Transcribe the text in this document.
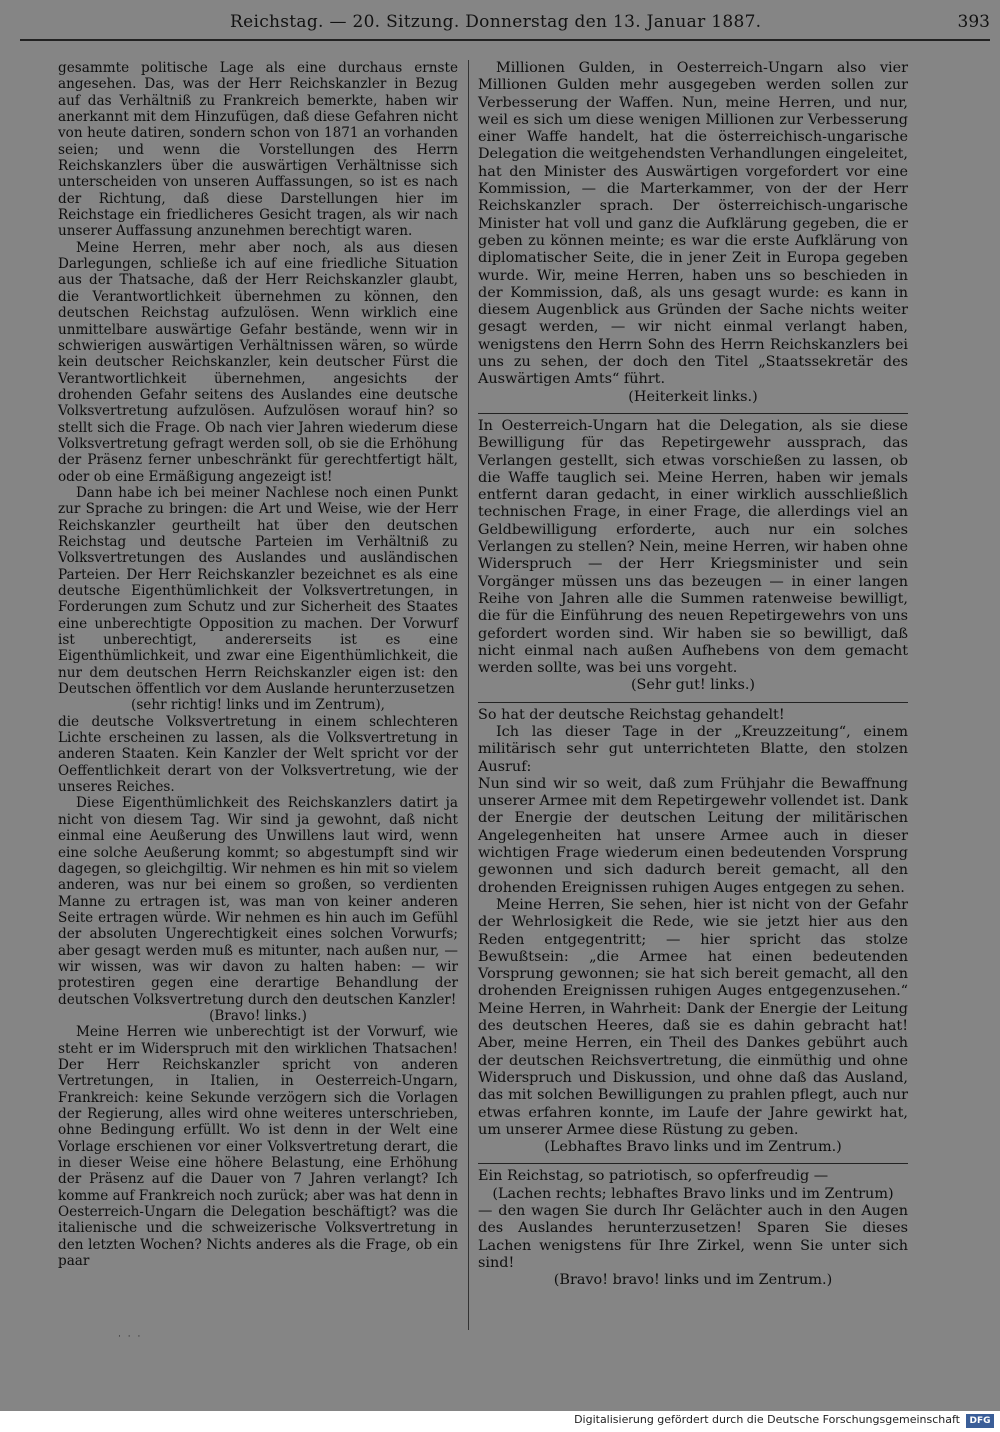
Reichstag. — 20. Sitzung. Donnerstag den 13. Januar 1887.	393

gesammte politische Lage als eine durchaus ernste angesehen. Das, was der Herr Reichskanzler in Bezug auf das Verhältniß zu Frankreich bemerkte, haben wir anerkannt mit dem Hinzufügen, daß diese Gefahren nicht von heute datiren, sondern schon von 1871 an vorhanden seien; und wenn die Vorstellungen des Herrn Reichskanzlers über die auswärtigen Verhältnisse sich unterscheiden von unseren Auffassungen, so ist es nach der Richtung, daß diese Darstellungen hier im Reichstage ein friedlicheres Gesicht tragen, als wir nach unserer Auffassung anzunehmen berechtigt waren.

Meine Herren, mehr aber noch, als aus diesen Darlegungen, schließe ich auf eine friedliche Situation aus der Thatsache, daß der Herr Reichskanzler glaubt, die Verantwortlichkeit übernehmen zu können, den deutschen Reichstag aufzulösen. Wenn wirklich eine unmittelbare auswärtige Gefahr bestände, wenn wir in schwierigen auswärtigen Verhältnissen wären, so würde kein deutscher Reichskanzler, kein deutscher Fürst die Verantwortlichkeit übernehmen, angesichts der drohenden Gefahr seitens des Auslandes eine deutsche Volksvertretung aufzulösen. Aufzulösen worauf hin? so stellt sich die Frage. Ob nach vier Jahren wiederum diese Volksvertretung gefragt werden soll, ob sie die Erhöhung der Präsenz ferner unbeschränkt für gerechtfertigt hält, oder ob eine Ermäßigung angezeigt ist!

Dann habe ich bei meiner Nachlese noch einen Punkt zur Sprache zu bringen: die Art und Weise, wie der Herr Reichskanzler geurtheilt hat über den deutschen Reichstag und deutsche Parteien im Verhältniß zu Volksvertretungen des Auslandes und ausländischen Parteien. Der Herr Reichskanzler bezeichnet es als eine deutsche Eigenthümlichkeit der Volksvertretungen, in Forderungen zum Schutz und zur Sicherheit des Staates eine unberechtigte Opposition zu machen. Der Vorwurf ist unberechtigt, andererseits ist es eine Eigenthümlichkeit, und zwar eine Eigenthümlichkeit, die nur dem deutschen Herrn Reichskanzler eigen ist: den Deutschen öffentlich vor dem Auslande herunterzusetzen

(sehr richtig! links und im Zentrum),

die deutsche Volksvertretung in einem schlechteren Lichte erscheinen zu lassen, als die Volksvertretung in anderen Staaten. Kein Kanzler der Welt spricht vor der Oeffentlichkeit derart von der Volksvertretung, wie der unseres Reiches.

Diese Eigenthümlichkeit des Reichskanzlers datirt ja nicht von diesem Tag. Wir sind ja gewohnt, daß nicht einmal eine Aeußerung des Unwillens laut wird, wenn eine solche Aeußerung kommt; so abgestumpft sind wir dagegen, so gleichgiltig. Wir nehmen es hin mit so vielem anderen, was nur bei einem so großen, so verdienten Manne zu ertragen ist, was man von keiner anderen Seite ertragen würde. Wir nehmen es hin auch im Gefühl der absoluten Ungerechtigkeit eines solchen Vorwurfs; aber gesagt werden muß es mitunter, nach außen nur, — wir wissen, was wir davon zu halten haben: — wir protestiren gegen eine derartige Behandlung der deutschen Volksvertretung durch den deutschen Kanzler!

(Bravo! links.)

Meine Herren wie unberechtigt ist der Vorwurf, wie steht er im Widerspruch mit den wirklichen Thatsachen! Der Herr Reichskanzler spricht von anderen Vertretungen, in Italien, in Oesterreich-Ungarn, Frankreich: keine Sekunde verzögern sich die Vorlagen der Regierung, alles wird ohne weiteres unterschrieben, ohne Bedingung erfüllt. Wo ist denn in der Welt eine Vorlage erschienen vor einer Volksvertretung derart, die in dieser Weise eine höhere Belastung, eine Erhöhung der Präsenz auf die Dauer von 7 Jahren verlangt? Ich komme auf Frankreich noch zurück; aber was hat denn in Oesterreich-Ungarn die Delegation beschäftigt? was die italienische und die schweizerische Volksvertretung in den letzten Wochen? Nichts anderes als die Frage, ob ein paar

Millionen Gulden, in Oesterreich-Ungarn also vier Millionen Gulden mehr ausgegeben werden sollen zur Verbesserung der Waffen. Nun, meine Herren, und nur, weil es sich um diese wenigen Millionen zur Verbesserung einer Waffe handelt, hat die österreichisch-ungarische Delegation die weitgehendsten Verhandlungen eingeleitet, hat den Minister des Auswärtigen vorgefordert vor eine Kommission, — die Marterkammer, von der der Herr Reichskanzler sprach. Der österreichisch-ungarische Minister hat voll und ganz die Aufklärung gegeben, die er geben zu können meinte; es war die erste Aufklärung von diplomatischer Seite, die in jener Zeit in Europa gegeben wurde. Wir, meine Herren, haben uns so beschieden in der Kommission, daß, als uns gesagt wurde: es kann in diesem Augenblick aus Gründen der Sache nichts weiter gesagt werden, — wir nicht einmal verlangt haben, wenigstens den Herrn Sohn des Herrn Reichskanzlers bei uns zu sehen, der doch den Titel „Staatssekretär des Auswärtigen Amts“ führt.

(Heiterkeit links.)

In Oesterreich-Ungarn hat die Delegation, als sie diese Bewilligung für das Repetirgewehr aussprach, das Verlangen gestellt, sich etwas vorschießen zu lassen, ob die Waffe tauglich sei. Meine Herren, haben wir jemals entfernt daran gedacht, in einer wirklich ausschließlich technischen Frage, in einer Frage, die allerdings viel an Geldbewilligung erforderte, auch nur ein solches Verlangen zu stellen? Nein, meine Herren, wir haben ohne Widerspruch — der Herr Kriegsminister und sein Vorgänger müssen uns das bezeugen — in einer langen Reihe von Jahren alle die Summen ratenweise bewilligt, die für die Einführung des neuen Repetirgewehrs von uns gefordert worden sind. Wir haben sie so bewilligt, daß nicht einmal nach außen Aufhebens von dem gemacht werden sollte, was bei uns vorgeht.

(Sehr gut! links.)

So hat der deutsche Reichstag gehandelt!

Ich las dieser Tage in der „Kreuzzeitung“, einem militärisch sehr gut unterrichteten Blatte, den stolzen Ausruf:

Nun sind wir so weit, daß zum Frühjahr die Bewaffnung unserer Armee mit dem Repetirgewehr vollendet ist. Dank der Energie der deutschen Leitung der militärischen Angelegenheiten hat unsere Armee auch in dieser wichtigen Frage wiederum einen bedeutenden Vorsprung gewonnen und sich dadurch bereit gemacht, all den drohenden Ereignissen ruhigen Auges entgegen zu sehen.

Meine Herren, Sie sehen, hier ist nicht von der Gefahr der Wehrlosigkeit die Rede, wie sie jetzt hier aus den Reden entgegentritt; — hier spricht das stolze Bewußtsein: „die Armee hat einen bedeutenden Vorsprung gewonnen; sie hat sich bereit gemacht, all den drohenden Ereignissen ruhigen Auges entgegenzusehen.“ Meine Herren, in Wahrheit: Dank der Energie der Leitung des deutschen Heeres, daß sie es dahin gebracht hat! Aber, meine Herren, ein Theil des Dankes gebührt auch der deutschen Reichsvertretung, die einmüthig und ohne Widerspruch und Diskussion, und ohne daß das Ausland, das mit solchen Bewilligungen zu prahlen pflegt, auch nur etwas erfahren konnte, im Laufe der Jahre gewirkt hat, um unserer Armee diese Rüstung zu geben.

(Lebhaftes Bravo links und im Zentrum.)

Ein Reichstag, so patriotisch, so opferfreudig —

(Lachen rechts; lebhaftes Bravo links und im Zentrum)

— den wagen Sie durch Ihr Gelächter auch in den Augen des Auslandes herunterzusetzen! Sparen Sie dieses Lachen wenigstens für Ihre Zirkel, wenn Sie unter sich sind!

(Bravo! bravo! links und im Zentrum.)

· · ·
Digitalisierung gefördert durch die Deutsche Forschungsgemeinschaft	DFG
